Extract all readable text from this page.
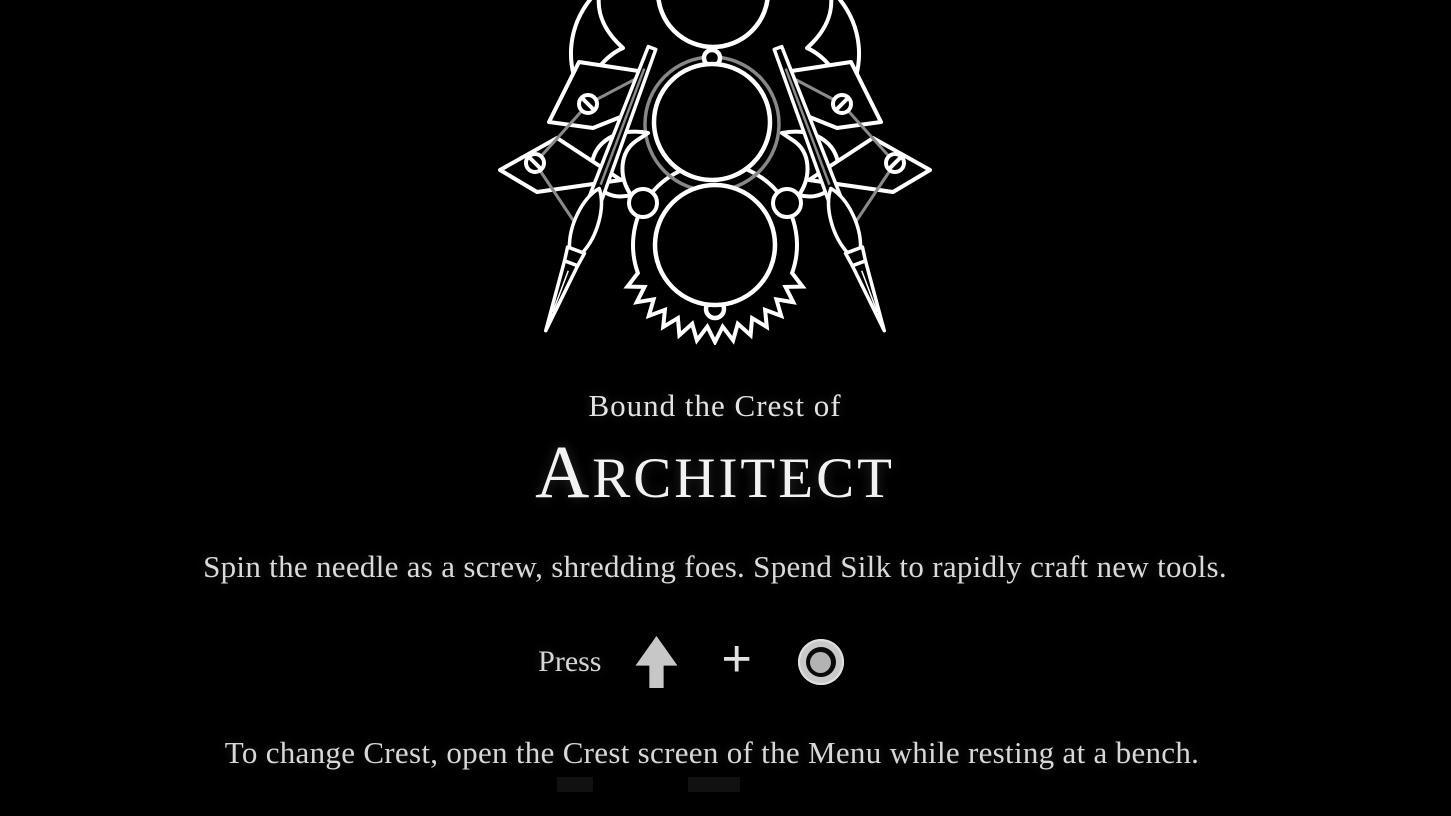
Bound the Crest of
ARCHITECT
Spin the needle as a screw, shredding foes. Spend Silk to rapidly craft new tools.
Press +
To change Crest, open the Crest screen of the Menu while resting at a bench.
